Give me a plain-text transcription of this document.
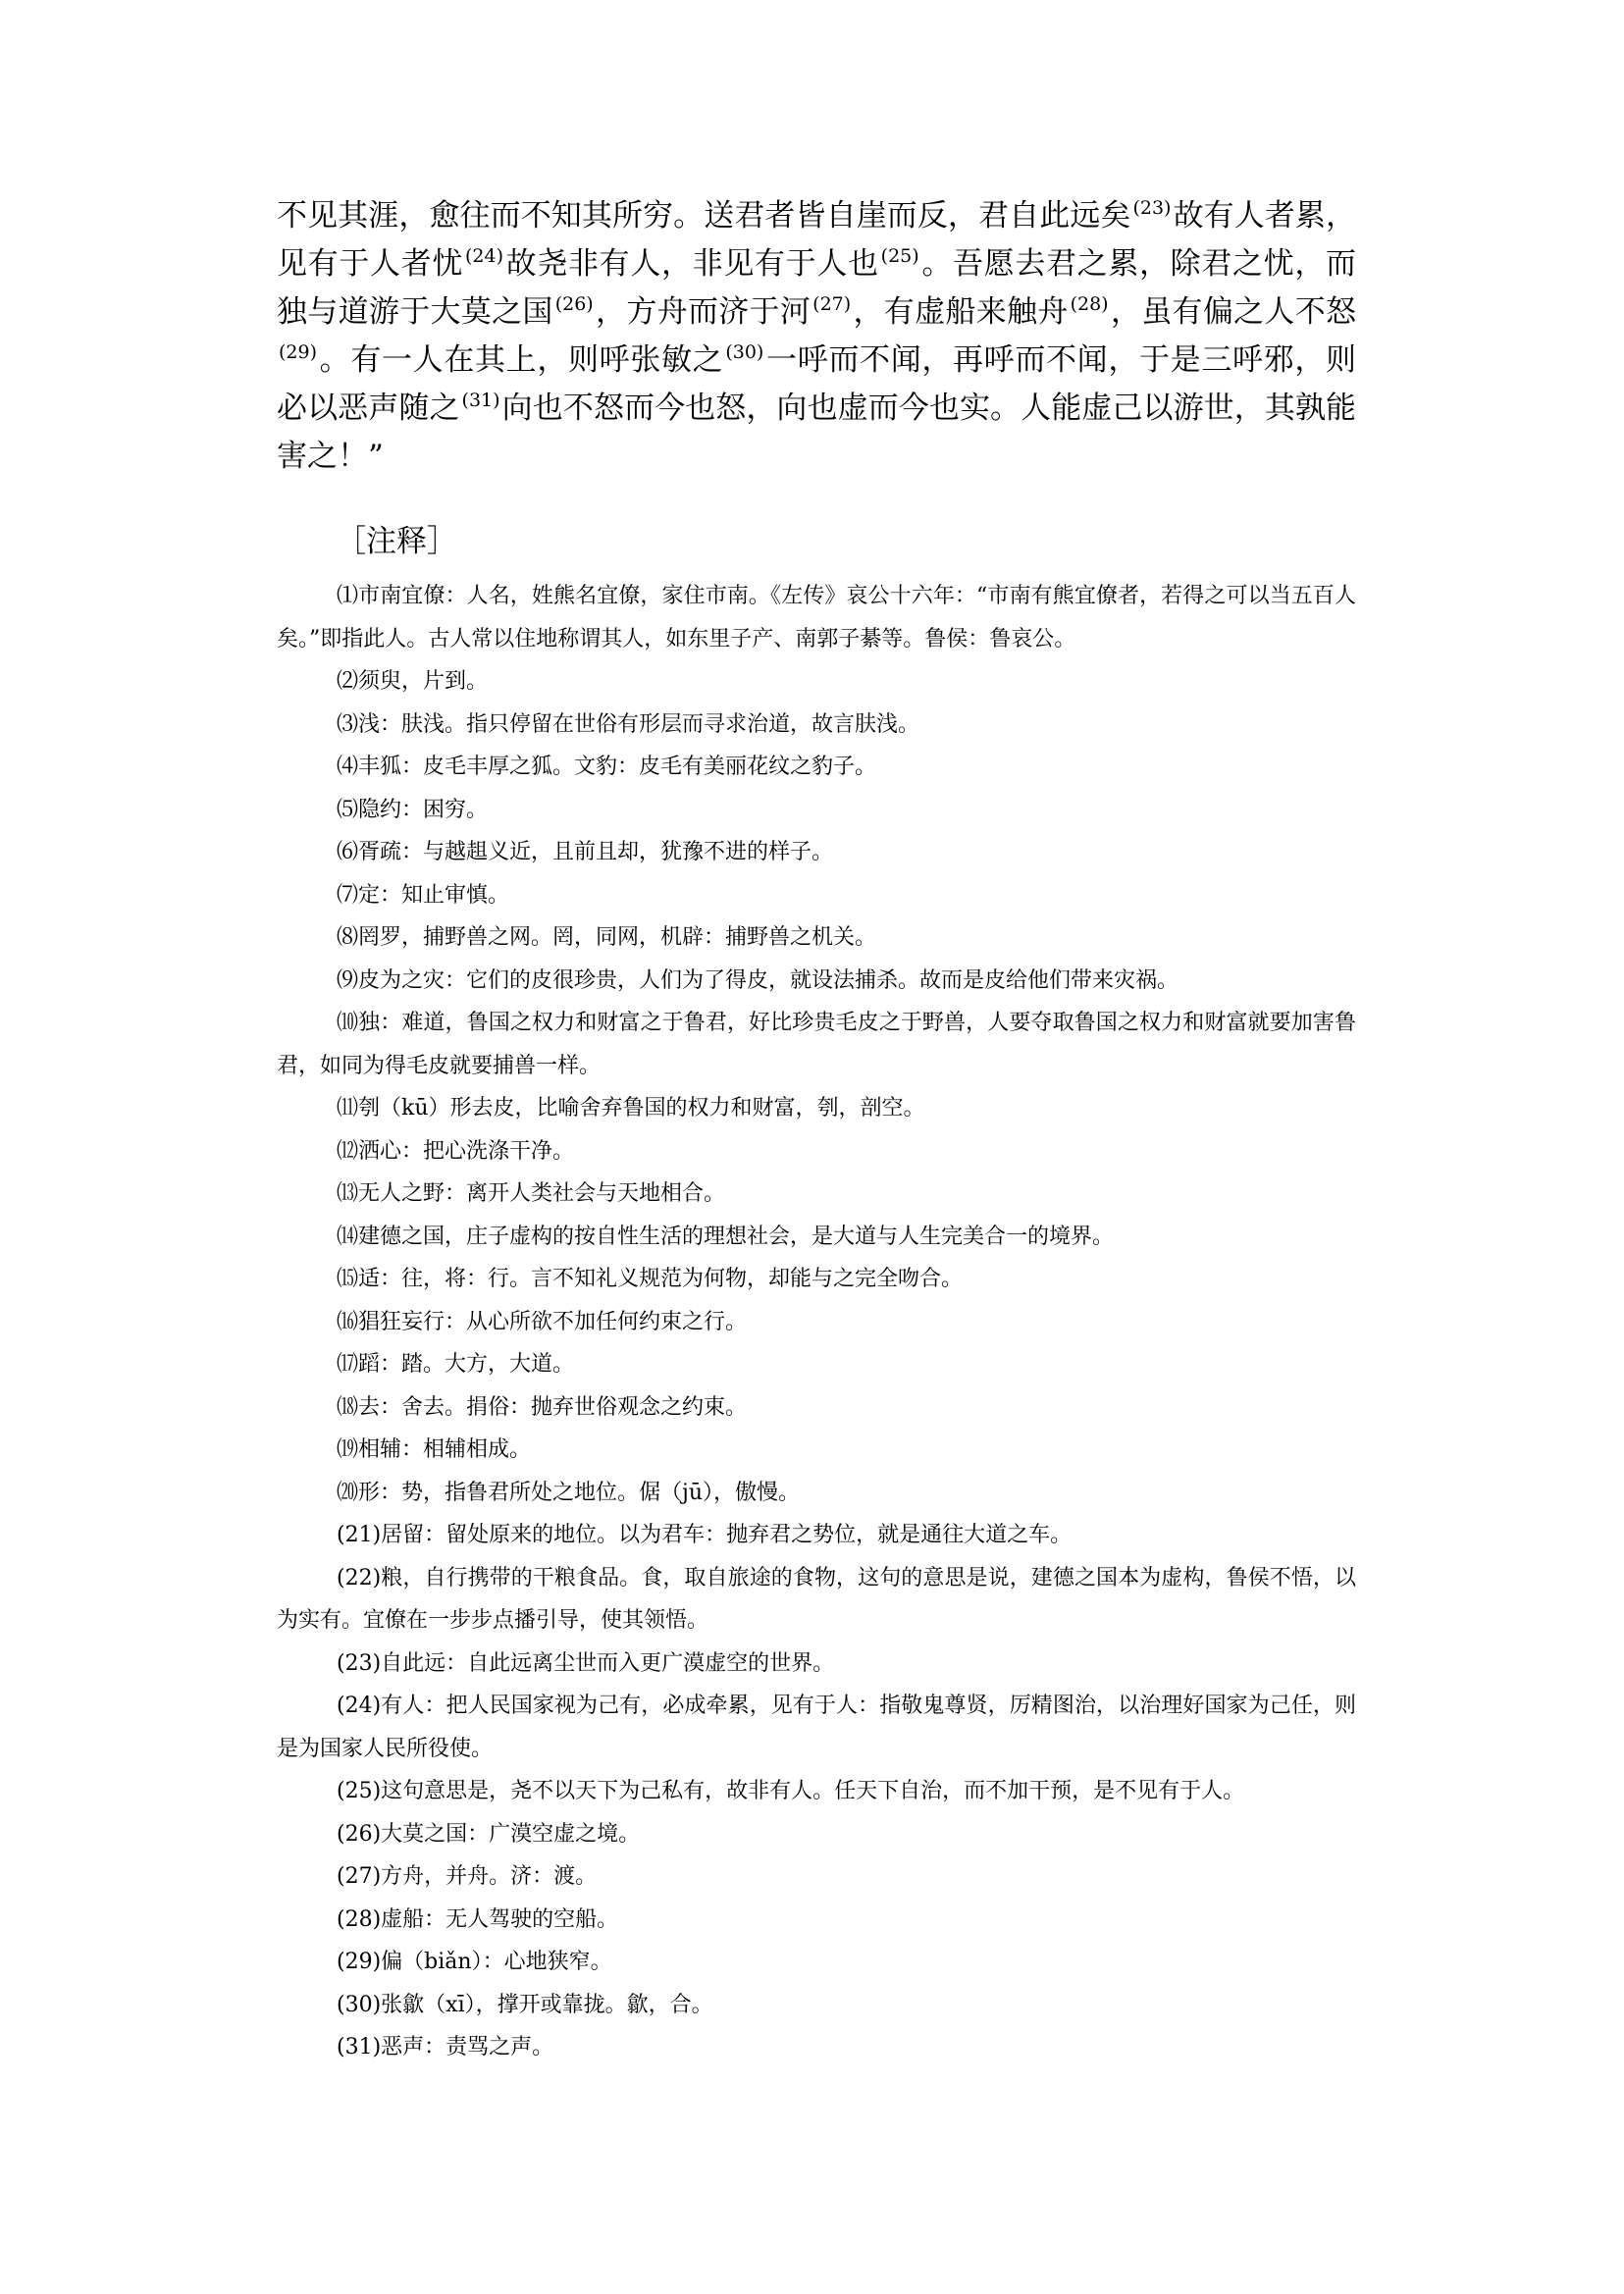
不见其涯，愈往而不知其所穷。送君者皆自崖而反，君自此远矣 $^{(23)}$故有人者累，见有于人者忧 $^{(24)}$故尧非有人，非见有于人也 $^{(25)}$。吾愿去君之累，除君之忧，而独与道游于大莫之国 $^{(26)}$，方舟而济于河 $^{(27)}$，有虚船来触舟 $^{(28)}$，虽有偏之人不怒$^{(29)}$。有一人在其上，则呼张敏之 $^{(30)}$一呼而不闻，再呼而不闻，于是三呼邪，则必以恶声随之 $^{(31)}$向也不怒而今也怒，向也虚而今也实。人能虚己以游世，其孰能害之！”
［注释］

⑴市南宜僚：人名，姓熊名宜僚，家住市南。《左传》哀公十六年：“市南有熊宜僚者，若得之可以当五百人矣。”即指此人。古人常以住地称谓其人，如东里子产、南郭子綦等。鲁侯：鲁哀公。

⑵须臾，片到。

⑶浅：肤浅。指只停留在世俗有形层而寻求治道，故言肤浅。

⑷丰狐：皮毛丰厚之狐。文豹：皮毛有美丽花纹之豹子。

⑸隐约：困穷。

⑹胥疏：与越趄义近，且前且却，犹豫不进的样子。

⑺定：知止审慎。

⑻罔罗，捕野兽之网。罔，同网，机辟：捕野兽之机关。

⑼皮为之灾：它们的皮很珍贵，人们为了得皮，就设法捕杀。故而是皮给他们带来灾祸。

⑽独：难道，鲁国之权力和财富之于鲁君，好比珍贵毛皮之于野兽，人要夺取鲁国之权力和财富就要加害鲁君，如同为得毛皮就要捕兽一样。

⑾刳（kū）形去皮，比喻舍弃鲁国的权力和财富，刳，剖空。

⑿洒心：把心洗涤干净。

⒀无人之野：离开人类社会与天地相合。

⒁建德之国，庄子虚构的按自性生活的理想社会，是大道与人生完美合一的境界。

⒂适：往，将：行。言不知礼义规范为何物，却能与之完全吻合。

⒃猖狂妄行：从心所欲不加任何约束之行。

⒄蹈：踏。大方，大道。

⒅去：舍去。捐俗：抛弃世俗观念之约束。

⒆相辅：相辅相成。

⒇形：势，指鲁君所处之地位。倨（jū），傲慢。

(21)居留：留处原来的地位。以为君车：抛弃君之势位，就是通往大道之车。

(22)粮，自行携带的干粮食品。食，取自旅途的食物，这句的意思是说，建德之国本为虚构，鲁侯不悟，以为实有。宜僚在一步步点播引导，使其领悟。

(23)自此远：自此远离尘世而入更广漠虚空的世界。

(24)有人：把人民国家视为己有，必成牵累，见有于人：指敬鬼尊贤，厉精图治，以治理好国家为己任，则是为国家人民所役使。

(25)这句意思是，尧不以天下为己私有，故非有人。任天下自治，而不加干预，是不见有于人。

(26)大莫之国：广漠空虚之境。

(27)方舟，并舟。济：渡。

(28)虚船：无人驾驶的空船。

(29)偏（biǎn）：心地狭窄。

(30)张歙（xī），撑开或靠拢。歙，合。

(31)恶声：责骂之声。
